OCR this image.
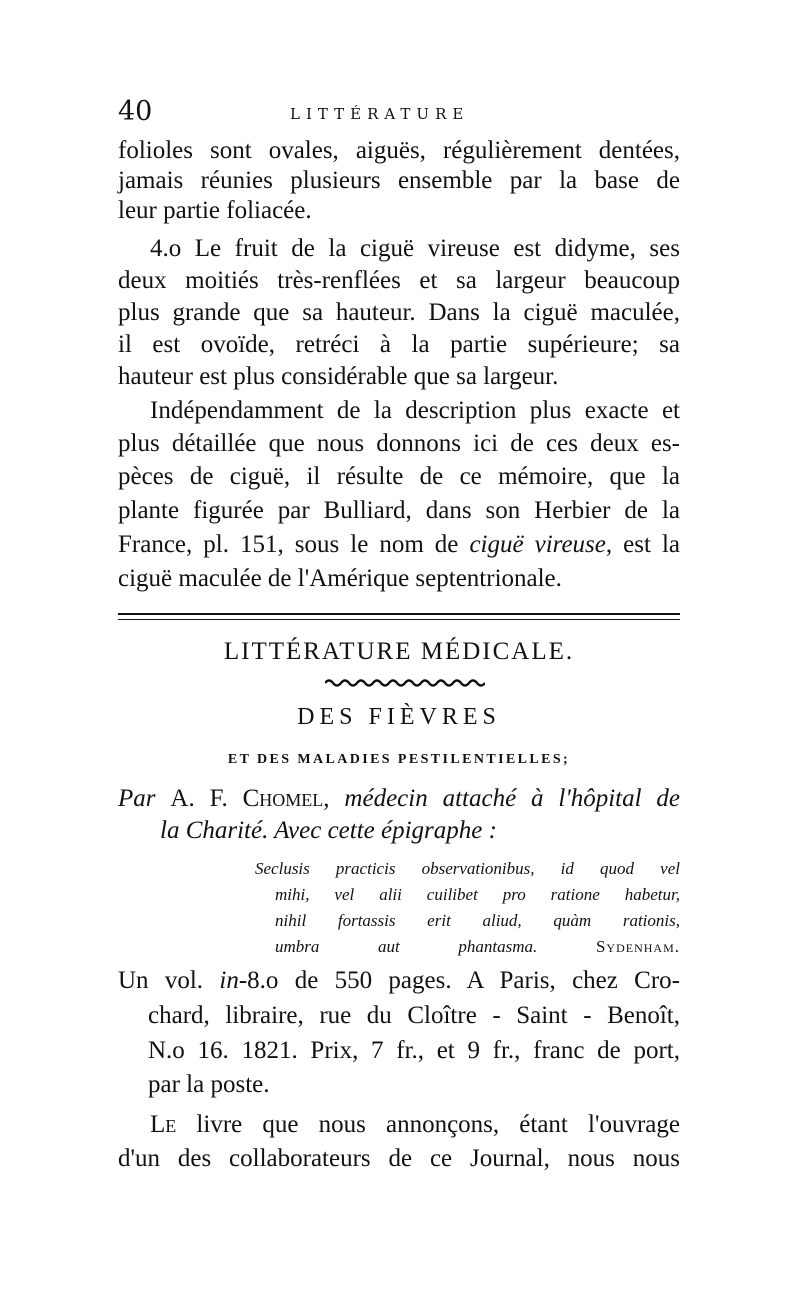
40	LITTÉRATURE
folioles sont ovales, aiguës, régulièrement dentées,
jamais réunies plusieurs ensemble par la base de
leur partie foliacée.
4.o Le fruit de la ciguë vireuse est didyme, ses
deux moitiés très-renflées et sa largeur beaucoup
plus grande que sa hauteur. Dans la ciguë maculée,
il est ovoïde, retréci à la partie supérieure; sa
hauteur est plus considérable que sa largeur.
Indépendamment de la description plus exacte et
plus détaillée que nous donnons ici de ces deux es-
pèces de ciguë, il résulte de ce mémoire, que la
plante figurée par Bulliard, dans son Herbier de la
France, pl. 151, sous le nom de ciguë vireuse, est la
ciguë maculée de l'Amérique septentrionale.
LITTÉRATURE MÉDICALE.
DES FIÈVRES
ET DES MALADIES PESTILENTIELLES;
Par A. F. Chomel, médecin attaché à l'hôpital de
la Charité. Avec cette épigraphe :
Seclusis practicis observationibus, id quod vel
mihi, vel alii cuilibet pro ratione habetur,
nihil fortassis erit aliud, quàm rationis,
umbra aut phantasma.	Sydenham.
Un vol. in-8.o de 550 pages. A Paris, chez Cro-
chard, libraire, rue du Cloître - Saint - Benoît,
N.o 16. 1821. Prix, 7 fr., et 9 fr., franc de port,
par la poste.
Le livre que nous annonçons, étant l'ouvrage
d'un des collaborateurs de ce Journal, nous nous
